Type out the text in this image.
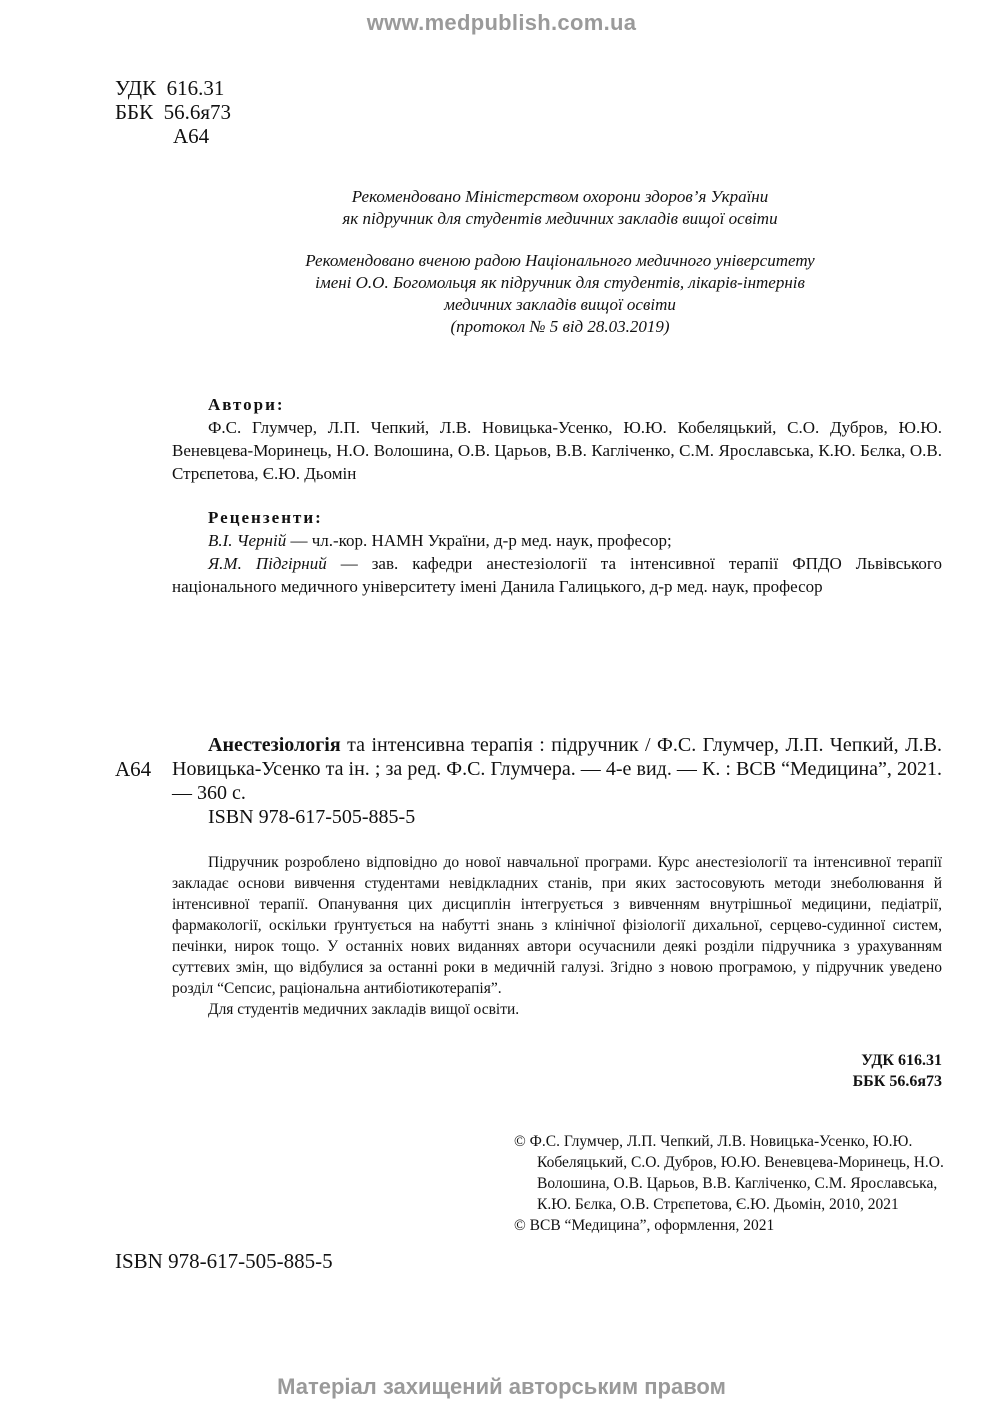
www.medpublish.com.ua
УДК 616.31
ББК 56.6я73
А64
Рекомендовано Міністерством охорони здоров’я України
як підручник для студентів медичних закладів вищої освіти
Рекомендовано вченою радою Національного медичного університету
імені О.О. Богомольця як підручник для студентів, лікарів-інтернів
медичних закладів вищої освіти
(протокол № 5 від 28.03.2019)
Автори:
Ф.С. Глумчер, Л.П. Чепкий, Л.В. Новицька-Усенко, Ю.Ю. Кобеляцький, С.О. Дубров, Ю.Ю. Веневцева-Моринець, Н.О. Волошина, О.В. Царьов, В.В. Кагліченко, С.М. Ярославська, К.Ю. Бєлка, О.В. Стрєпетова, Є.Ю. Дьомін
Рецензенти:
В.І. Черній — чл.-кор. НАМН України, д-р мед. наук, професор;
Я.М. Підгірний — зав. кафедри анестезіології та інтенсивної терапії ФПДО Львівського національного медичного університету імені Данила Галицького, д-р мед. наук, професор
А64

Анестезіологія та інтенсивна терапія : підручник / Ф.С. Глумчер, Л.П. Чепкий, Л.В. Новицька-Усенко та ін. ; за ред. Ф.С. Глумчера. — 4-е вид. — К. : ВСВ “Медицина”, 2021. — 360 с.

ISBN 978-617-505-885-5

Підручник розроблено відповідно до нової навчальної програми. Курс анестезіології та інтенсивної терапії закладає основи вивчення студентами невідкладних станів, при яких застосовують методи знеболювання й інтенсивної терапії. Опанування цих дисциплін інтегрується з вивченням внутрішньої медицини, педіатрії, фармакології, оскільки ґрунтується на набутті знань з клінічної фізіології дихальної, серцево-судинної систем, печінки, нирок тощо. У останніх нових виданнях автори осучаснили деякі розділи підручника з урахуванням суттєвих змін, що відбулися за останні роки в медичній галузі. Згідно з новою програмою, у підручник уведено розділ “Сепсис, раціональна антибіотикотерапія”.

Для студентів медичних закладів вищої освіти.

УДК 616.31
ББК 56.6я73

© Ф.С. Глумчер, Л.П. Чепкий, Л.В. Новицька-Усенко, Ю.Ю. Кобеляцький, С.О. Дубров, Ю.Ю. Веневцева-Моринець, Н.О. Волошина, О.В. Царьов, В.В. Кагліченко, С.М. Ярославська, К.Ю. Бєлка, О.В. Стрєпетова, Є.Ю. Дьомін, 2010, 2021

© ВСВ “Медицина”, оформлення, 2021

ISBN 978-617-505-885-5
Матеріал захищений авторським правом
